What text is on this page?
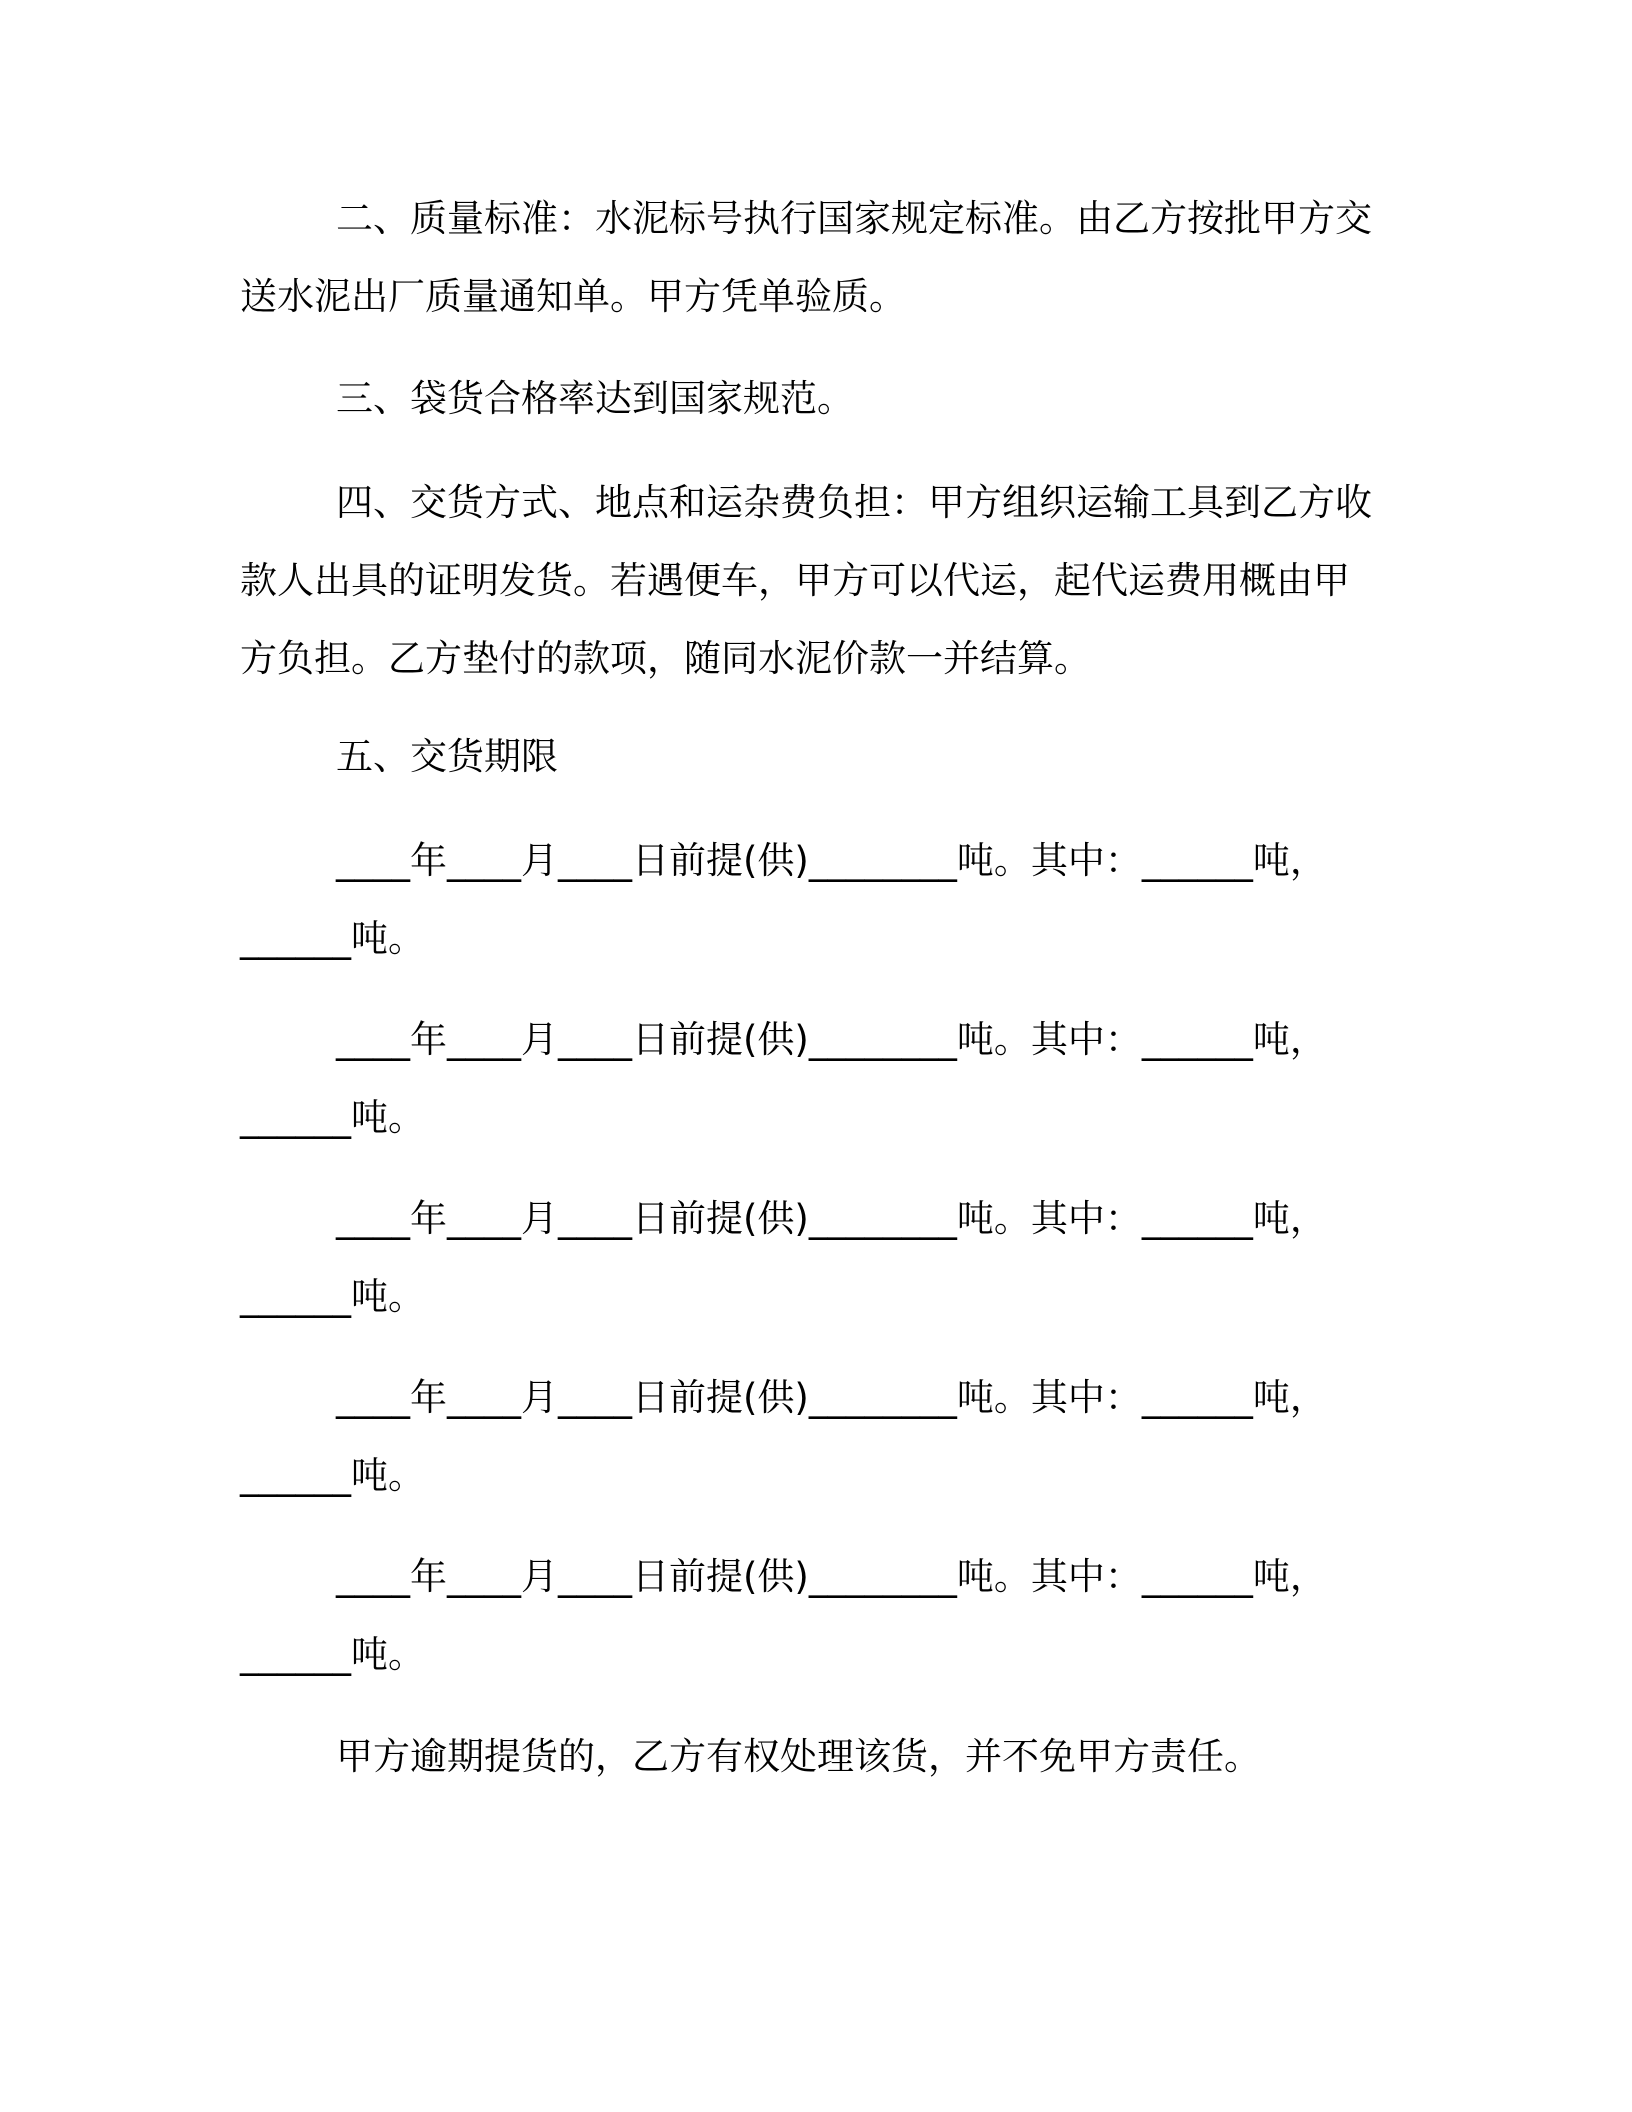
二、质量标准：水泥标号执行国家规定标准。由乙方按批甲方交
送水泥出厂质量通知单。甲方凭单验质。
三、袋货合格率达到国家规范。
四、交货方式、地点和运杂费负担：甲方组织运输工具到乙方收
款人出具的证明发货。若遇便车，甲方可以代运，起代运费用概由甲
方负担。乙方垫付的款项，随同水泥价款一并结算。
五、交货期限
____年____月____日前提(供)________吨。其中：______吨，
______吨。
____年____月____日前提(供)________吨。其中：______吨，
______吨。
____年____月____日前提(供)________吨。其中：______吨，
______吨。
____年____月____日前提(供)________吨。其中：______吨，
______吨。
____年____月____日前提(供)________吨。其中：______吨，
______吨。
甲方逾期提货的，乙方有权处理该货，并不免甲方责任。
